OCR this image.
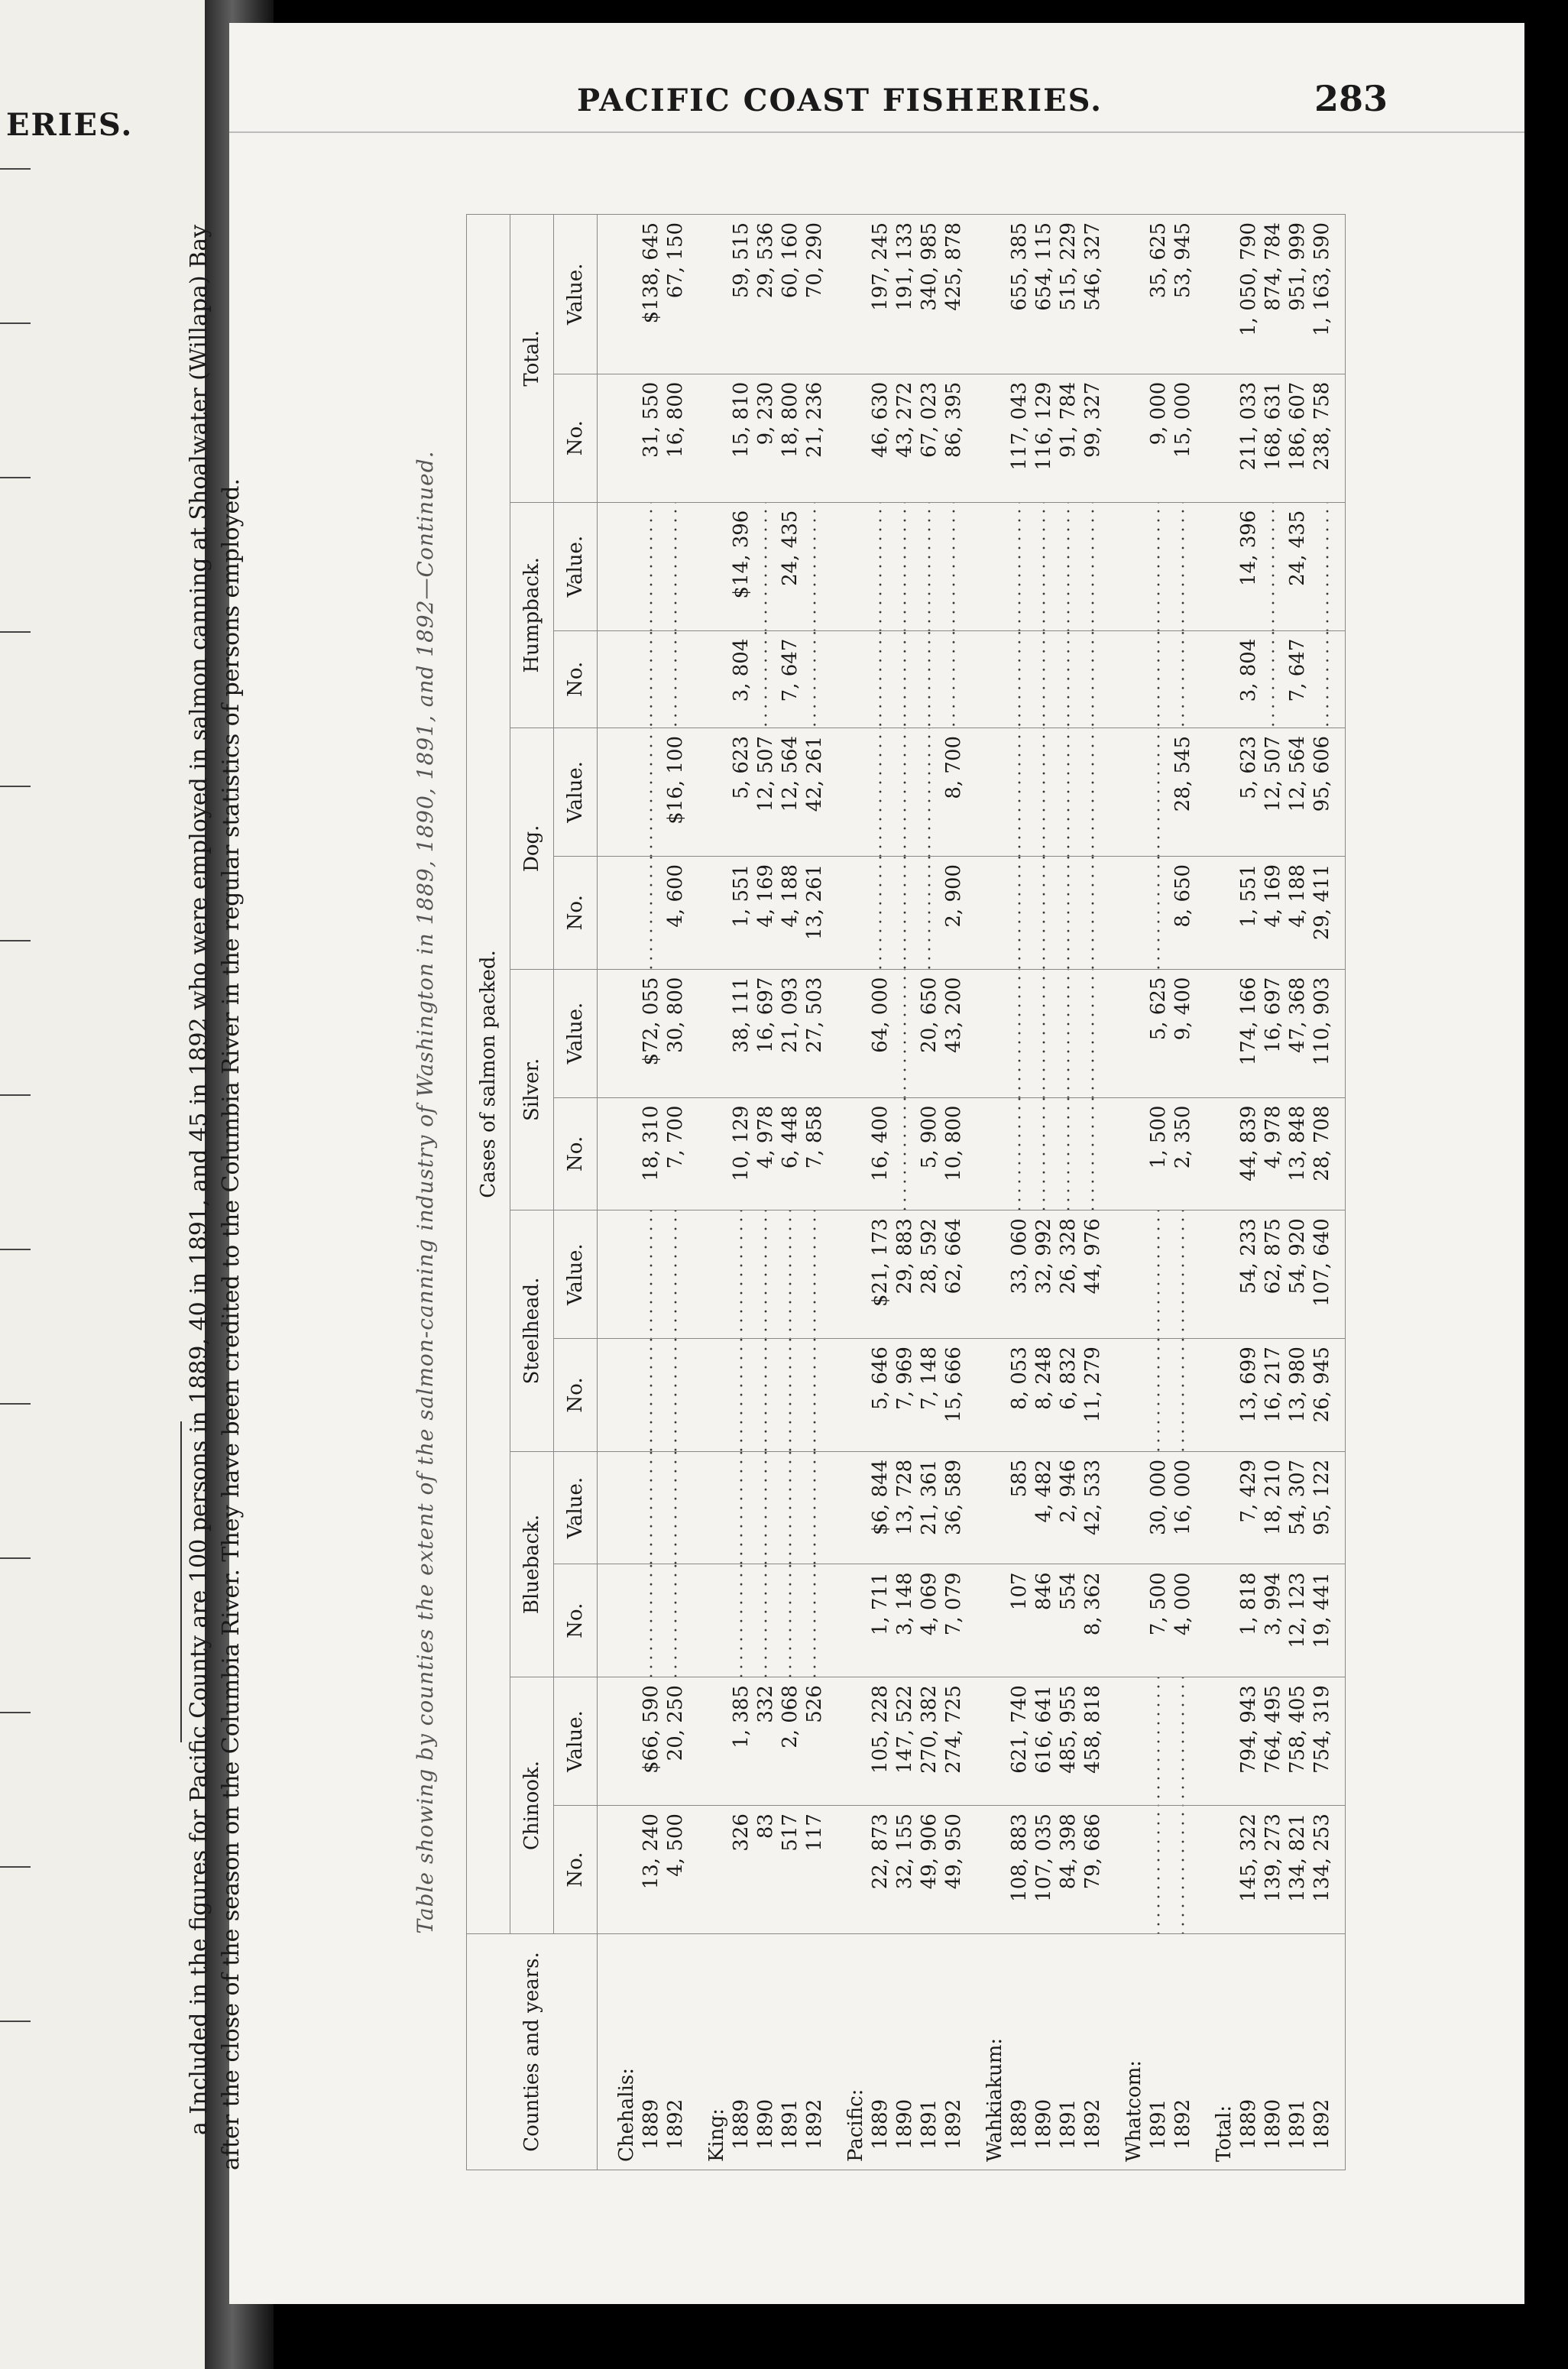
ERIES.
PACIFIC COAST FISHERIES.	283
a Included in the figures for Pacific County are 100 persons in 1889, 40 in 1891, and 45 in 1892 who were employed in salmon canning at Shoalwater (Willapa) Bay after the close of the season on the Columbia River. They have been credited to the Columbia River in the regular statistics of persons employed.	Table showing by counties the extent of the salmon-canning industry of Washington in 1889, 1890, 1891, and 1892—Continued.
Counties and years.	Cases of salmon packed.													
	Chinook.		Blueback.		Steelhead.		Silver.		Dog.		Humpback.		Total.	
	No.	Value.	No.	Value.	No.	Value.	No.	Value.	No.	Value.	No.	Value.	No.	Value.
Chehalis:														
1889	13, 240	$66, 590					18, 310	$72, 055					31, 550	$138, 645
1892	4, 500	20, 250					7, 700	30, 800	4, 600	$16, 100			16, 800	67, 150
King:														
1889	326	1, 385					10, 129	38, 111	1, 551	5, 623	3, 804	$14, 396	15, 810	59, 515
1890	83	332					4, 978	16, 697	4, 169	12, 507			9, 230	29, 536
1891	517	2, 068					6, 448	21, 093	4, 188	12, 564	7, 647	24, 435	18, 800	60, 160
1892	117	526					7, 858	27, 503	13, 261	42, 261			21, 236	70, 290
Pacific:														
1889	22, 873	105, 228	1, 711	$6, 844	5, 646	$21, 173	16, 400	64, 000					46, 630	197, 245
1890	32, 155	147, 522	3, 148	13, 728	7, 969	29, 883							43, 272	191, 133
1891	49, 906	270, 382	4, 069	21, 361	7, 148	28, 592	5, 900	20, 650					67, 023	340, 985
1892	49, 950	274, 725	7, 079	36, 589	15, 666	62, 664	10, 800	43, 200	2, 900	8, 700			86, 395	425, 878
Wahkiakum:														
1889	108, 883	621, 740	107	585	8, 053	33, 060							117, 043	655, 385
1890	107, 035	616, 641	846	4, 482	8, 248	32, 992							116, 129	654, 115
1891	84, 398	485, 955	554	2, 946	6, 832	26, 328							91, 784	515, 229
1892	79, 686	458, 818	8, 362	42, 533	11, 279	44, 976							99, 327	546, 327
Whatcom:														
1891			7, 500	30, 000			1, 500	5, 625					9, 000	35, 625
1892			4, 000	16, 000			2, 350	9, 400	8, 650	28, 545			15, 000	53, 945
Total:														
1889	145, 322	794, 943	1, 818	7, 429	13, 699	54, 233	44, 839	174, 166	1, 551	5, 623	3, 804	14, 396	211, 033	1, 050, 790
1890	139, 273	764, 495	3, 994	18, 210	16, 217	62, 875	4, 978	16, 697	4, 169	12, 507			168, 631	874, 784
1891	134, 821	758, 405	12, 123	54, 307	13, 980	54, 920	13, 848	47, 368	4, 188	12, 564	7, 647	24, 435	186, 607	951, 999
1892	134, 253	754, 319	19, 441	95, 122	26, 945	107, 640	28, 708	110, 903	29, 411	95, 606			238, 758	1, 163, 590
